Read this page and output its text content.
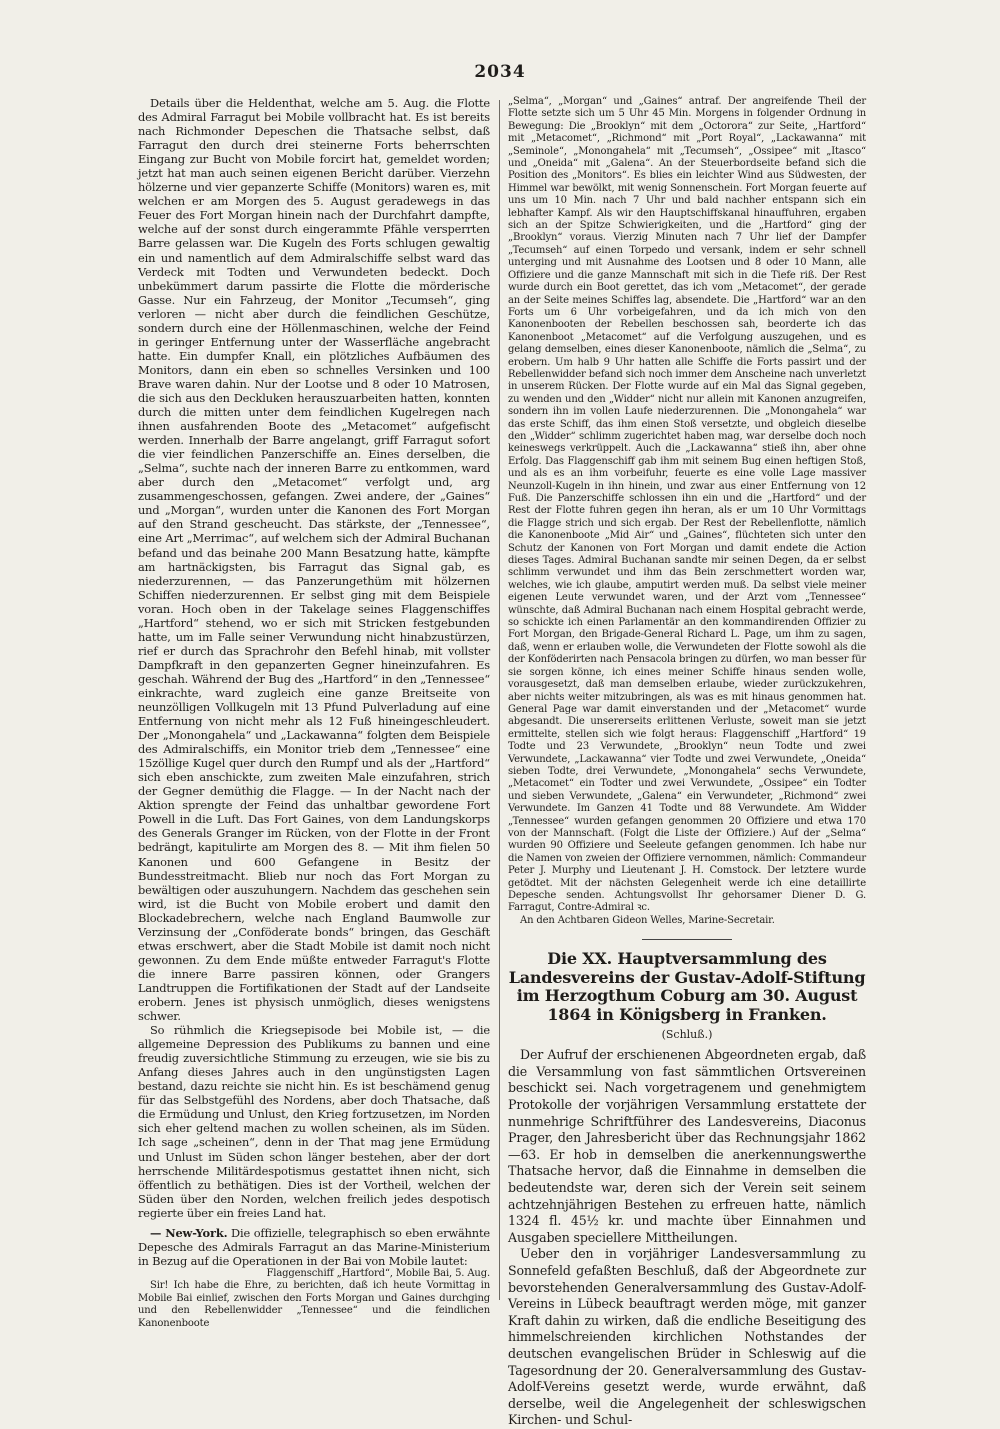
2034

Details über die Heldenthat, welche am 5. Aug. die Flotte des Admiral Farragut bei Mobile vollbracht hat. Es ist bereits nach Richmonder Depeschen die Thatsache selbst, daß Farragut den durch drei steinerne Forts beherrschten Eingang zur Bucht von Mobile forcirt hat, gemeldet worden; jetzt hat man auch seinen eigenen Bericht darüber. Vierzehn hölzerne und vier gepanzerte Schiffe (Monitors) waren es, mit welchen er am Morgen des 5. August geradewegs in das Feuer des Fort Morgan hinein nach der Durchfahrt dampfte, welche auf der sonst durch eingerammte Pfähle versperrten Barre gelassen war. Die Kugeln des Forts schlugen gewaltig ein und namentlich auf dem Admiralschiffe selbst ward das Verdeck mit Todten und Verwundeten bedeckt. Doch unbekümmert darum passirte die Flotte die mörderische Gasse. Nur ein Fahrzeug, der Monitor „Tecumseh“, ging verloren — nicht aber durch die feindlichen Geschütze, sondern durch eine der Höllenmaschinen, welche der Feind in geringer Entfernung unter der Wasserfläche angebracht hatte. Ein dumpfer Knall, ein plötzliches Aufbäumen des Monitors, dann ein eben so schnelles Versinken und 100 Brave waren dahin. Nur der Lootse und 8 oder 10 Matrosen, die sich aus den Deckluken herauszuarbeiten hatten, konnten durch die mitten unter dem feindlichen Kugelregen nach ihnen ausfahrenden Boote des „Metacomet“ aufgefischt werden. Innerhalb der Barre angelangt, griff Farragut sofort die vier feindlichen Panzerschiffe an. Eines derselben, die „Selma“, suchte nach der inneren Barre zu entkommen, ward aber durch den „Metacomet“ verfolgt und, arg zusammengeschossen, gefangen. Zwei andere, der „Gaines“ und „Morgan“, wurden unter die Kanonen des Fort Morgan auf den Strand gescheucht. Das stärkste, der „Tennessee“, eine Art „Merrimac“, auf welchem sich der Admiral Buchanan befand und das beinahe 200 Mann Besatzung hatte, kämpfte am hartnäckigsten, bis Farragut das Signal gab, es niederzurennen, — das Panzerungethüm mit hölzernen Schiffen niederzurennen. Er selbst ging mit dem Beispiele voran. Hoch oben in der Takelage seines Flaggenschiffes „Hartford“ stehend, wo er sich mit Stricken festgebunden hatte, um im Falle seiner Verwundung nicht hinabzustürzen, rief er durch das Sprachrohr den Befehl hinab, mit vollster Dampfkraft in den gepanzerten Gegner hineinzufahren. Es geschah. Während der Bug des „Hartford“ in den „Tennessee“ einkrachte, ward zugleich eine ganze Breitseite von neunzölligen Vollkugeln mit 13 Pfund Pulverladung auf eine Entfernung von nicht mehr als 12 Fuß hineingeschleudert. Der „Monongahela“ und „Lackawanna“ folgten dem Beispiele des Admiralschiffs, ein Monitor trieb dem „Tennessee“ eine 15zöllige Kugel quer durch den Rumpf und als der „Hartford“ sich eben anschickte, zum zweiten Male einzufahren, strich der Gegner demüthig die Flagge. — In der Nacht nach der Aktion sprengte der Feind das unhaltbar gewordene Fort Powell in die Luft. Das Fort Gaines, von dem Landungskorps des Generals Granger im Rücken, von der Flotte in der Front bedrängt, kapitulirte am Morgen des 8. — Mit ihm fielen 50 Kanonen und 600 Gefangene in Besitz der Bundesstreitmacht. Blieb nur noch das Fort Morgan zu bewältigen oder auszuhungern. Nachdem das geschehen sein wird, ist die Bucht von Mobile erobert und damit den Blockadebrechern, welche nach England Baumwolle zur Verzinsung der „Conföderate bonds“ bringen, das Geschäft etwas erschwert, aber die Stadt Mobile ist damit noch nicht gewonnen. Zu dem Ende müßte entweder Farragut's Flotte die innere Barre passiren können, oder Grangers Landtruppen die Fortifikationen der Stadt auf der Landseite erobern. Jenes ist physisch unmöglich, dieses wenigstens schwer.

So rühmlich die Kriegsepisode bei Mobile ist, — die allgemeine Depression des Publikums zu bannen und eine freudig zuversichtliche Stimmung zu erzeugen, wie sie bis zu Anfang dieses Jahres auch in den ungünstigsten Lagen bestand, dazu reichte sie nicht hin. Es ist beschämend genug für das Selbstgefühl des Nordens, aber doch Thatsache, daß die Ermüdung und Unlust, den Krieg fortzusetzen, im Norden sich eher geltend machen zu wollen scheinen, als im Süden. Ich sage „scheinen“, denn in der That mag jene Ermüdung und Unlust im Süden schon länger bestehen, aber der dort herrschende Militärdespotismus gestattet ihnen nicht, sich öffentlich zu bethätigen. Dies ist der Vortheil, welchen der Süden über den Norden, welchen freilich jedes despotisch regierte über ein freies Land hat.

— New-York. Die offizielle, telegraphisch so eben erwähnte Depesche des Admirals Farragut an das Marine-Ministerium in Bezug auf die Operationen in der Bai von Mobile lautet:

Flaggenschiff „Hartford“, Mobile Bai, 5. Aug.

Sir! Ich habe die Ehre, zu berichten, daß ich heute Vormittag in Mobile Bai einlief, zwischen den Forts Morgan und Gaines durchging und den Rebellenwidder „Tennessee“ und die feindlichen Kanonenboote

„Selma“, „Morgan“ und „Gaines“ antraf. Der angreifende Theil der Flotte setzte sich um 5 Uhr 45 Min. Morgens in folgender Ordnung in Bewegung: Die „Brooklyn“ mit dem „Octorora“ zur Seite, „Hartford“ mit „Metacomet“, „Richmond“ mit „Port Royal“, „Lackawanna“ mit „Seminole“, „Monongahela“ mit „Tecumseh“, „Ossipee“ mit „Itasco“ und „Oneida“ mit „Galena“. An der Steuerbordseite befand sich die Position des „Monitors“. Es blies ein leichter Wind aus Südwesten, der Himmel war bewölkt, mit wenig Sonnenschein. Fort Morgan feuerte auf uns um 10 Min. nach 7 Uhr und bald nachher entspann sich ein lebhafter Kampf. Als wir den Hauptschiffskanal hinauffuhren, ergaben sich an der Spitze Schwierigkeiten, und die „Hartford“ ging der „Brooklyn“ voraus. Vierzig Minuten nach 7 Uhr lief der Dampfer „Tecumseh“ auf einen Torpedo und versank, indem er sehr schnell unterging und mit Ausnahme des Lootsen und 8 oder 10 Mann, alle Offiziere und die ganze Mannschaft mit sich in die Tiefe riß. Der Rest wurde durch ein Boot gerettet, das ich vom „Metacomet“, der gerade an der Seite meines Schiffes lag, absendete. Die „Hartford“ war an den Forts um 6 Uhr vorbeigefahren, und da ich mich von den Kanonenbooten der Rebellen beschossen sah, beorderte ich das Kanonenboot „Metacomet“ auf die Verfolgung auszugehen, und es gelang demselben, eines dieser Kanonenboote, nämlich die „Selma“, zu erobern. Um halb 9 Uhr hatten alle Schiffe die Forts passirt und der Rebellenwidder befand sich noch immer dem Anscheine nach unverletzt in unserem Rücken. Der Flotte wurde auf ein Mal das Signal gegeben, zu wenden und den „Widder“ nicht nur allein mit Kanonen anzugreifen, sondern ihn im vollen Laufe niederzurennen. Die „Monongahela“ war das erste Schiff, das ihm einen Stoß versetzte, und obgleich dieselbe den „Widder“ schlimm zugerichtet haben mag, war derselbe doch noch keineswegs verkrüppelt. Auch die „Lackawanna“ stieß ihn, aber ohne Erfolg. Das Flaggenschiff gab ihm mit seinem Bug einen heftigen Stoß, und als es an ihm vorbeifuhr, feuerte es eine volle Lage massiver Neunzoll-Kugeln in ihn hinein, und zwar aus einer Entfernung von 12 Fuß. Die Panzerschiffe schlossen ihn ein und die „Hartford“ und der Rest der Flotte fuhren gegen ihn heran, als er um 10 Uhr Vormittags die Flagge strich und sich ergab. Der Rest der Rebellenflotte, nämlich die Kanonenboote „Mid Air“ und „Gaines“, flüchteten sich unter den Schutz der Kanonen von Fort Morgan und damit endete die Action dieses Tages. Admiral Buchanan sandte mir seinen Degen, da er selbst schlimm verwundet und ihm das Bein zerschmettert worden war, welches, wie ich glaube, amputirt werden muß. Da selbst viele meiner eigenen Leute verwundet waren, und der Arzt vom „Tennessee“ wünschte, daß Admiral Buchanan nach einem Hospital gebracht werde, so schickte ich einen Parlamentär an den kommandirenden Offizier zu Fort Morgan, den Brigade-General Richard L. Page, um ihm zu sagen, daß, wenn er erlauben wolle, die Verwundeten der Flotte sowohl als die der Konföderirten nach Pensacola bringen zu dürfen, wo man besser für sie sorgen könne, ich eines meiner Schiffe hinaus senden wolle, vorausgesetzt, daß man demselben erlaube, wieder zurückzukehren, aber nichts weiter mitzubringen, als was es mit hinaus genommen hat. General Page war damit einverstanden und der „Metacomet“ wurde abgesandt. Die unsererseits erlittenen Verluste, soweit man sie jetzt ermittelte, stellen sich wie folgt heraus: Flaggenschiff „Hartford“ 19 Todte und 23 Verwundete, „Brooklyn“ neun Todte und zwei Verwundete, „Lackawanna“ vier Todte und zwei Verwundete, „Oneida“ sieben Todte, drei Verwundete, „Monongahela“ sechs Verwundete, „Metacomet“ ein Todter und zwei Verwundete, „Ossipee“ ein Todter und sieben Verwundete, „Galena“ ein Verwundeter, „Richmond“ zwei Verwundete. Im Ganzen 41 Todte und 88 Verwundete. Am Widder „Tennessee“ wurden gefangen genommen 20 Offiziere und etwa 170 von der Mannschaft. (Folgt die Liste der Offiziere.) Auf der „Selma“ wurden 90 Offiziere und Seeleute gefangen genommen. Ich habe nur die Namen von zweien der Offiziere vernommen, nämlich: Commandeur Peter J. Murphy und Lieutenant J. H. Comstock. Der letztere wurde getödtet. Mit der nächsten Gelegenheit werde ich eine detaillirte Depesche senden. Achtungsvollst Ihr gehorsamer Diener D. G. Farragut, Contre-Admiral ꝛc.

An den Achtbaren Gideon Welles, Marine-Secretair.

Die XX. Hauptversammlung des Landesvereins der Gustav-Adolf-Stiftung im Herzogthum Coburg am 30. August 1864 in Königsberg in Franken.
(Schluß.)

Der Aufruf der erschienenen Abgeordneten ergab, daß die Versammlung von fast sämmtlichen Ortsvereinen beschickt sei. Nach vorgetragenem und genehmigtem Protokolle der vorjährigen Versammlung erstattete der nunmehrige Schriftführer des Landesvereins, Diaconus Prager, den Jahresbericht über das Rechnungsjahr 1862—63. Er hob in demselben die anerkennungswerthe Thatsache hervor, daß die Einnahme in demselben die bedeutendste war, deren sich der Verein seit seinem achtzehnjährigen Bestehen zu erfreuen hatte, nämlich 1324 fl. 45½ kr. und machte über Einnahmen und Ausgaben speciellere Mittheilungen.

Ueber den in vorjähriger Landesversammlung zu Sonnefeld gefaßten Beschluß, daß der Abgeordnete zur bevorstehenden Generalversammlung des Gustav-Adolf-Vereins in Lübeck beauftragt werden möge, mit ganzer Kraft dahin zu wirken, daß die endliche Beseitigung des himmelschreienden kirchlichen Nothstandes der deutschen evangelischen Brüder in Schleswig auf die Tagesordnung der 20. Generalversammlung des Gustav-Adolf-Vereins gesetzt werde, wurde erwähnt, daß derselbe, weil die Angelegenheit der schleswigschen Kirchen- und Schul-
